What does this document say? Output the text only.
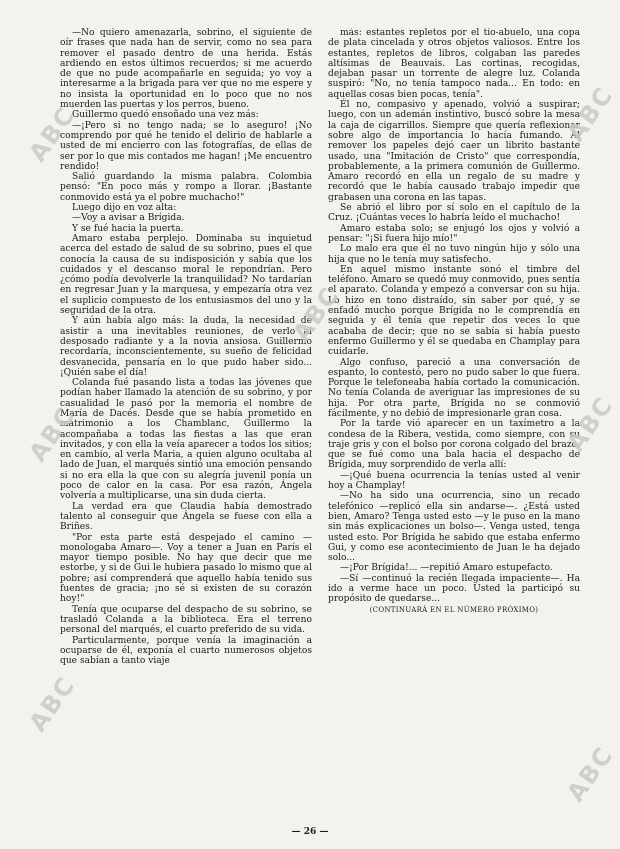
ABC
ABC
ABC
ABC
ABC
ABC
ABC

—No quiero amenazarla, sobrino, el siguiente de oír frases que nada han de servir, como no sea para remover el pasado dentro de una herida. Estás ardiendo en estos últimos recuerdos; si me acuerdo de que no pude acompañarle en seguida; yo voy a interesarme a la brigada para ver que no me espere y no insista la oportunidad en lo poco que no nos muerden las puertas y los perros, bueno.

Guillermo quedó ensoñado una vez más:

—¡Pero si no tengo nada; se lo aseguro! ¡No comprendo por qué he tenido el delirio de hablarle a usted de mi encierro con las fotografías, de ellas de ser por lo que mis contados me hagan! ¡Me encuentro rendido!

Salió guardando la misma palabra. Colombia pensó: "En poco más y rompo a llorar. ¡Bastante conmovido está ya el pobre muchacho!"

Luego dijo en voz alta:

—Voy a avisar a Brígida.

Y se fué hacia la puerta.

Amaro estaba perplejo. Dominaba su inquietud acerca del estado de salud de su sobrino, pues el que conocía la causa de su indisposición y sabía que los cuidados y el descanso moral le repondrían. Pero ¿cómo podía devolverle la tranquilidad? No tardarían en regresar Juan y la marquesa, y empezaría otra vez el suplicio compuesto de los entusiasmos del uno y la seguridad de la otra.

Y aún había algo más: la duda, la necesidad de asistir a una inevitables reuniones, de verlo al desposado radiante y a la novia ansiosa. Guillermo recordaría, inconscientemente, su sueño de felicidad desvanecida, pensaría en lo que pudo haber sido... ¡Quién sabe el día!

Colanda fué pasando lista a todas las jóvenes que podían haber llamado la atención de su sobrino, y por casualidad le pasó por la memoria el nombre de María de Dacés. Desde que se había prometido en matrimonio a los Chamblanc, Guillermo la acompañaba a todas las fiestas a las que eran invitados, y con ella la veía aparecer a todos los sitios; en cambio, al verla Maria, a quien alguno ocultaba al lado de Juan, el marqués sintió una emoción pensando si no era ella la que con su alegría juvenil ponía un poco de calor en la casa. Por esa razón, Ángela volvería a multiplicarse, una sin duda cierta.

La verdad era que Claudia había demostrado talento al conseguir que Ángela se fuese con ella a Briñes.

"Por esta parte está despejado el camino —monologaba Amaro—. Voy a tener a Juan en París el mayor tiempo posible. No hay que decir que me estorbe, y si de Gui le hubiera pasado lo mismo que al pobre; así comprenderá que aquello había tenido sus fuentes de gracia; ¡no sé si existen de su corazón hoy!"

Tenía que ocuparse del despacho de su sobrino, se trasladó Colanda a la biblioteca. Era el terreno personal del marqués, el cuarto preferido de su vida.

Particularmente, porque venía la imaginación a ocuparse de él, exponía el cuarto numerosos objetos que sabían a tanto viaje

más: estantes repletos por el tío-abuelo, una copa de plata cincelada y otros objetos valiosos. Entre los estantes, repletos de libros, colgaban las paredes altísimas de Beauvais. Las cortinas, recogidas, dejaban pasar un torrente de alegre luz. Colanda suspiró: "No, no tenía tampoco nada... En todo: en aquellas cosas bien pocas, tenía".

Él no, compasivo y apenado, volvió a suspirar; luego, con un ademán instintivo, buscó sobre la mesa la caja de cigarrillos. Siempre que quería reflexionar sobre algo de importancia lo hacía fumando. Al remover los papeles dejó caer un librito bastante usado, una "Imitación de Cristo" que correspondía, probablemente, a la primera comunión de Guillermo. Amaro recordó en ella un regalo de su madre y recordó que le había causado trabajo impedir que grabasen una corona en las tapas.

Se abrió el libro por sí solo en el capítulo de la Cruz. ¡Cuántas veces lo habría leído el muchacho!

Amaro estaba solo; se enjugó los ojos y volvió a pensar: "¡Si fuera hijo mío!"

Lo malo era que él no tuvo ningún hijo y sólo una hija que no le tenía muy satisfecho.

En aquel mismo instante sonó el timbre del teléfono. Amaro se quedó muy conmovido, pues sentía el aparato. Colanda y empezó a conversar con su hija. Lo hizo en tono distraído, sin saber por qué, y se enfadó mucho porque Brígida no le comprendía en seguida y él tenía que repetir dos veces lo que acababa de decir; que no se sabía si había puesto enfermo Guillermo y él se quedaba en Champlay para cuidarle.

Algo confuso, pareció a una conversación de espanto, lo contestó, pero no pudo saber lo que fuera. Porque le telefoneaba había cortado la comunicación. No tenía Colanda de averiguar las impresiones de su hija. Por otra parte, Brígida no se conmovió fácilmente, y no debió de impresionarle gran cosa.

Por la tarde vió aparecer en un taxímetro a la condesa de la Ribera, vestida, como siempre, con su traje gris y con el bolso por corona colgado del brazo, que se fué como una bala hacia el despacho de Brígida, muy sorprendido de verla allí:

—¡Qué buena ocurrencia la tenías usted al venir hoy a Champlay!

—No ha sido una ocurrencia, sino un recado telefónico —replicó ella sin andarse—. ¿Está usted bien, Amaro? Tenga usted esto —y le puso en la mano sin más explicaciones un bolso—. Venga usted, tenga usted esto. Por Brígida he sabido que estaba enfermo Gui, y como ese acontecimiento de Juan le ha dejado solo...

—¡Por Brígida!... —repitió Amaro estupefacto.

—Sí —continuó la recién llegada impaciente—. Ha ido a verme hace un poco. Usted la participó su propósito de quedarse...

(CONTINUARÁ EN EL NÚMERO PRÓXIMO)

— 26 —
